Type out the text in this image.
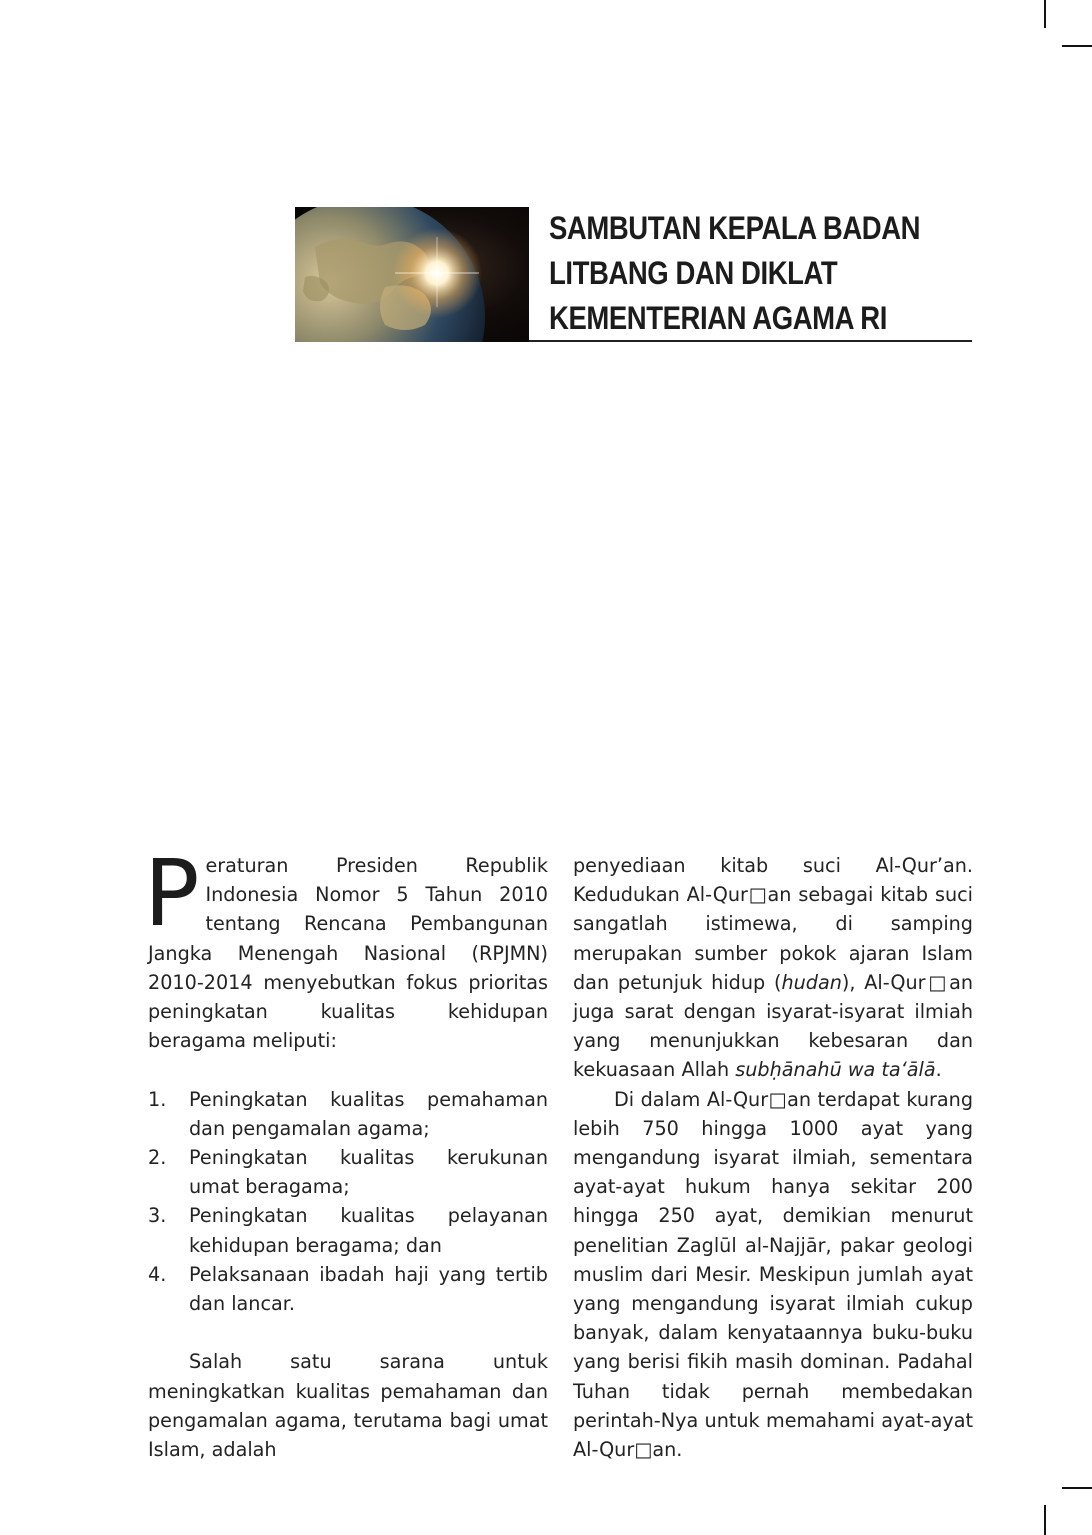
SAMBUTAN KEPALA BADAN
LITBANG DAN DIKLAT
KEMENTERIAN AGAMA RI

Peraturan Presiden Republik Indonesia Nomor 5 Tahun 2010 tentang Rencana Pembangunan Jangka Menengah Nasional (RPJMN) 2010-2014 menyebutkan fokus prioritas peningkatan kualitas kehidupan beragama meliputi:

1. Peningkatan kualitas pemahaman dan pengamalan agama;
2. Peningkatan kualitas kerukunan umat beragama;
3. Peningkatan kualitas pelayanan kehidupan beragama; dan
4. Pelaksanaan ibadah haji yang tertib dan lancar.

Salah satu sarana untuk meningkatkan kualitas pemahaman dan pengamalan agama, terutama bagi umat Islam, adalah

penyediaan kitab suci Al-Qur’an. Kedudukan Al-Qur□an sebagai kitab suci sangatlah istimewa, di samping merupakan sumber pokok ajaran Islam dan petunjuk hidup (hudan), Al-Qur□an juga sarat dengan isyarat-isyarat ilmiah yang menunjukkan kebesaran dan kekuasaan Allah subḥānahū wa ta‘ālā.

Di dalam Al-Qur□an terdapat kurang lebih 750 hingga 1000 ayat yang mengandung isyarat ilmiah, sementara ayat-ayat hukum hanya sekitar 200 hingga 250 ayat, demikian menurut penelitian Zaglūl al-Najjār, pakar geologi muslim dari Mesir. Meskipun jumlah ayat yang mengandung isyarat ilmiah cukup banyak, dalam kenyataannya buku-buku yang berisi fikih masih dominan. Padahal Tuhan tidak pernah membedakan perintah-Nya untuk memahami ayat-ayat Al-Qur□an.
